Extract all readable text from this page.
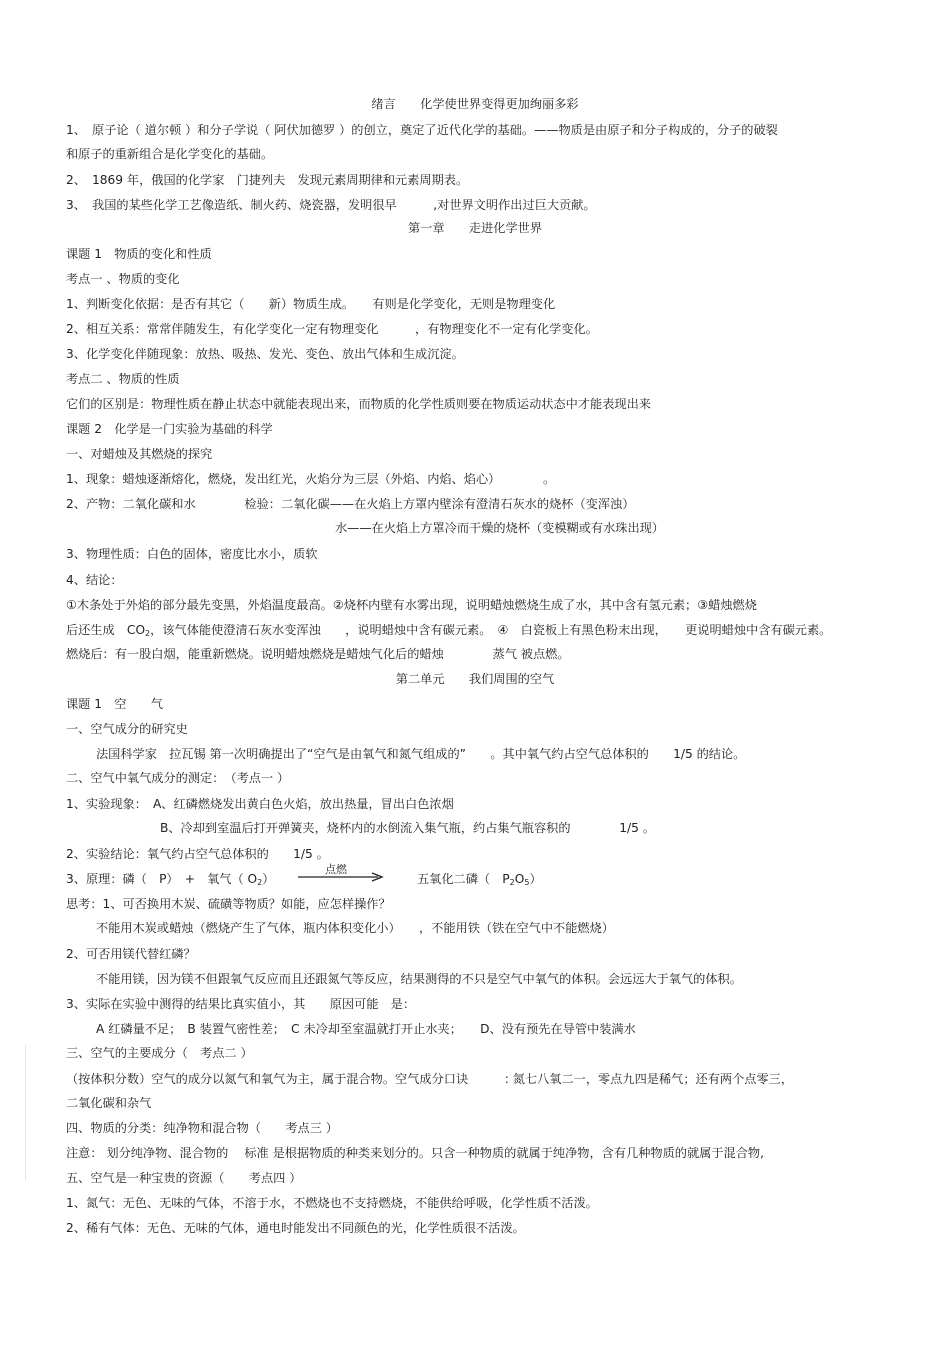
绪言　　化学使世界变得更加绚丽多彩
1、　原子论（ 道尔顿 ）和分子学说（ 阿伏加德罗 ）的创立，奠定了近代化学的基础。——物质是由原子和分子构成的，分子的破裂
和原子的重新组合是化学变化的基础。
2、　1869 年，俄国的化学家　门捷列夫　发现元素周期律和元素周期表。
3、　我国的某些化学工艺像造纸、制火药、烧瓷器，发明很早　　　,对世界文明作出过巨大贡献。
第一章　　走进化学世界
课题 1　物质的变化和性质
考点一 、物质的变化
1、判断变化依据：是否有其它（　　新）物质生成。　　有则是化学变化，无则是物理变化
2、相互关系：常常伴随发生，有化学变化一定有物理变化　　　，有物理变化不一定有化学变化。
3、化学变化伴随现象：放热、吸热、发光、变色、放出气体和生成沉淀。
考点二 、物质的性质
它们的区别是：物理性质在静止状态中就能表现出来，而物质的化学性质则要在物质运动状态中才能表现出来
课题 2　化学是一门实验为基础的科学
一、对蜡烛及其燃烧的探究
1、现象：蜡烛逐渐熔化，燃烧，发出红光，火焰分为三层（外焰、内焰、焰心）　　　　。
2、产物：二氧化碳和水　　　　检验：二氧化碳——在火焰上方罩内壁涂有澄清石灰水的烧杯（变浑浊）
水——在火焰上方罩冷而干燥的烧杯（变模糊或有水珠出现）
3、物理性质：白色的固体，密度比水小，质软
4、结论：
①木条处于外焰的部分最先变黑，外焰温度最高。②烧杯内壁有水雾出现，说明蜡烛燃烧生成了水，其中含有氢元素；③蜡烛燃烧
后还生成　$CO_2$，该气体能使澄清石灰水变浑浊　　，说明蜡烛中含有碳元素。　④　白瓷板上有黑色粉末出现，　　更说明蜡烛中含有碳元素。
燃烧后：有一股白烟，能重新燃烧。说明蜡烛燃烧是蜡烛气化后的蜡烛　　　　蒸气 被点燃。
第二单元　　我们周围的空气
课题 1　空　　气
一、空气成分的研究史
法国科学家　拉瓦锡 第一次明确提出了“空气是由氧气和氮气组成的”　　。其中氧气约占空气总体积的　　1/5 的结论。
二、空气中氧气成分的测定：　（考点一 ）
1、实验现象：　A、红磷燃烧发出黄白色火焰，放出热量，冒出白色浓烟
B、冷却到室温后打开弹簧夹，烧杯内的水倒流入集气瓶，约占集气瓶容积的　　　　1/5 。
2、实验结论：氧气约占空气总体积的　　1/5 。
3、原理：磷（　P）　+　氧气（ $O_2$）
点燃
五氧化二磷（　$P_2O_5$）
思考：1、可否换用木炭、硫磺等物质？如能，应怎样操作？
不能用木炭或蜡烛（燃烧产生了气体，瓶内体积变化小）　　，不能用铁（铁在空气中不能燃烧）
2、可否用镁代替红磷？
不能用镁，因为镁不但跟氧气反应而且还跟氮气等反应，结果测得的不只是空气中氧气的体积。会远远大于氧气的体积。
3、实际在实验中测得的结果比真实值小，其　　原因可能　是：
A 红磷量不足；　B 装置气密性差；　C 未冷却至室温就打开止水夹；　　D、没有预先在导管中装满水
三、空气的主要成分（　考点二 ）
（按体积分数）空气的成分以氮气和氧气为主，属于混合物。空气成分口诀　　　: 氮七八氧二一，零点九四是稀气；还有两个点零三，
二氧化碳和杂气
四、物质的分类：纯净物和混合物（　　考点三 ）
注意： 划分纯净物、混合物的　 标准 是根据物质的种类来划分的。只含一种物质的就属于纯净物，含有几种物质的就属于混合物,
五、空气是一种宝贵的资源（　　考点四 ）
1、氮气：无色、无味的气体，不溶于水，不燃烧也不支持燃烧，不能供给呼吸，化学性质不活泼。
2、稀有气体：无色、无味的气体，通电时能发出不同颜色的光，化学性质很不活泼。
